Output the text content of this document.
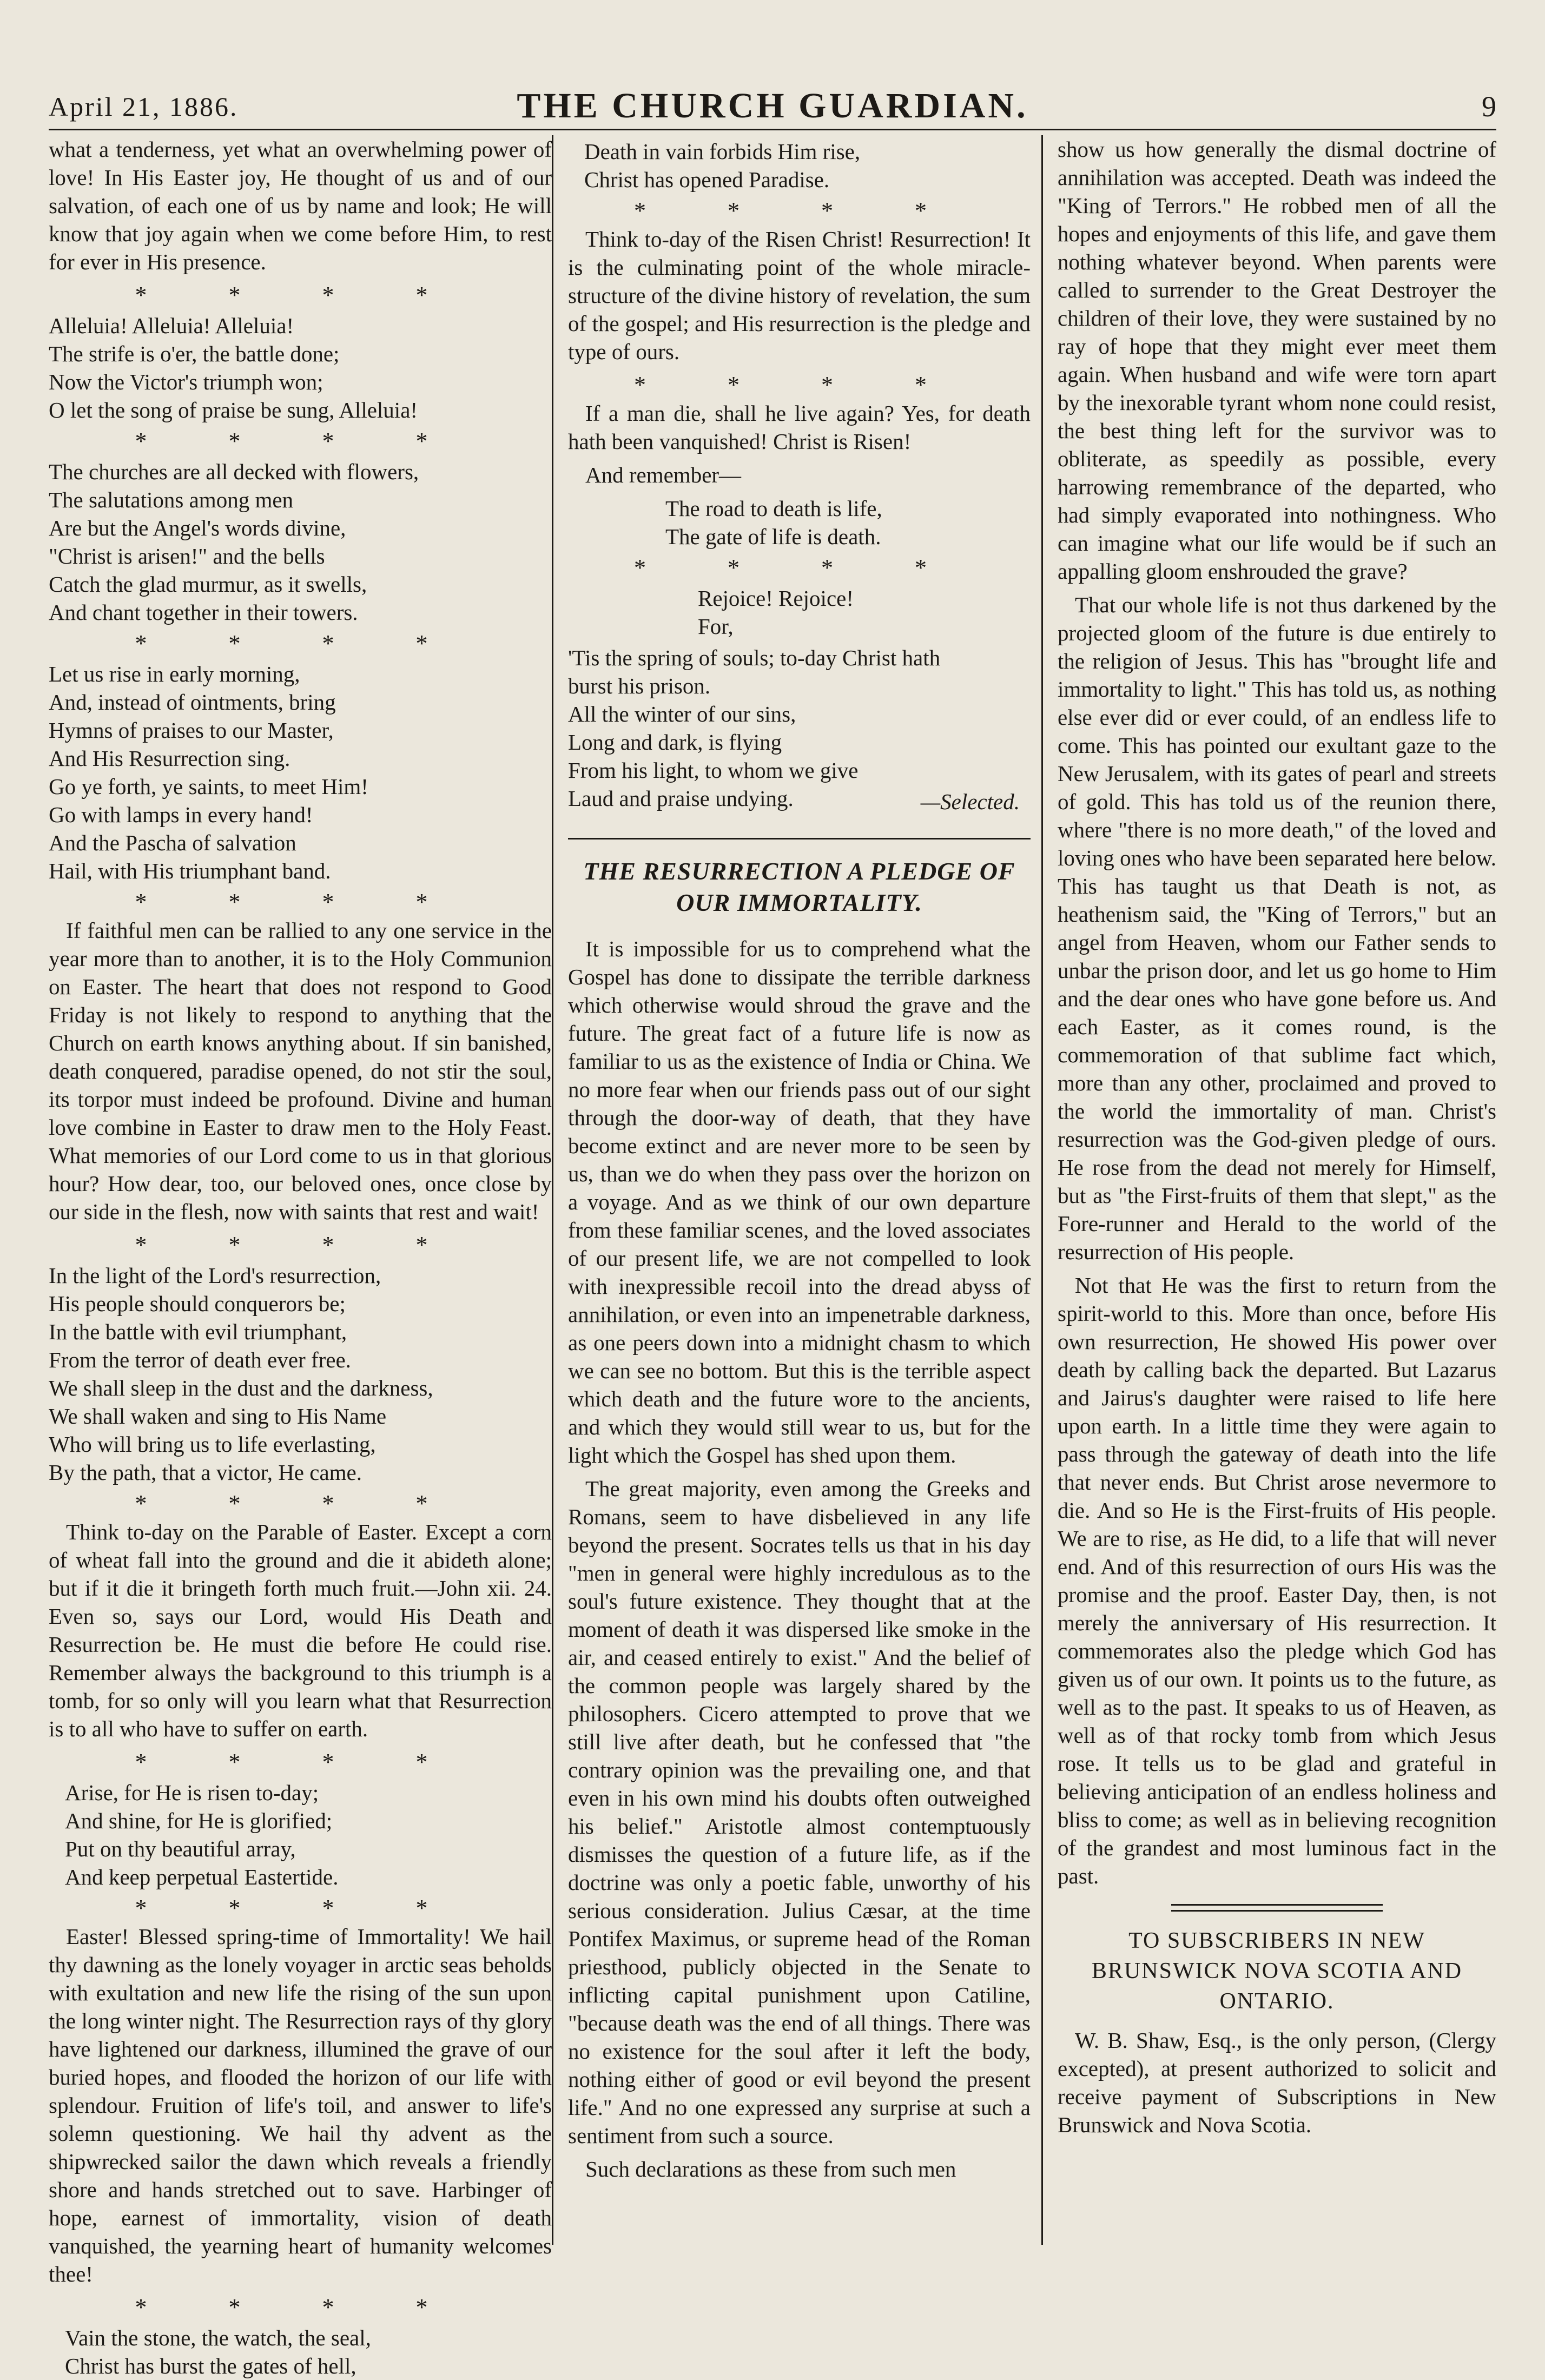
April 21, 1886.	THE CHURCH GUARDIAN.	9

what a tenderness, yet what an overwhelming power of love! In His Easter joy, He thought of us and of our salvation, of each one of us by name and look; He will know that joy again when we come before Him, to rest for ever in His presence.

* * * *

Alleluia! Alleluia! Alleluia!
The strife is o'er, the battle done;
Now the Victor's triumph won;
O let the song of praise be sung, Alleluia!

* * * *

The churches are all decked with flowers,
The salutations among men
Are but the Angel's words divine,
"Christ is arisen!" and the bells
Catch the glad murmur, as it swells,
And chant together in their towers.

* * * *

Let us rise in early morning,
And, instead of ointments, bring
Hymns of praises to our Master,
And His Resurrection sing.
Go ye forth, ye saints, to meet Him!
Go with lamps in every hand!
And the Pascha of salvation
Hail, with His triumphant band.

* * * *

If faithful men can be rallied to any one service in the year more than to another, it is to the Holy Communion on Easter. The heart that does not respond to Good Friday is not likely to respond to anything that the Church on earth knows anything about. If sin banished, death conquered, paradise opened, do not stir the soul, its torpor must indeed be profound. Divine and human love combine in Easter to draw men to the Holy Feast. What memories of our Lord come to us in that glorious hour? How dear, too, our beloved ones, once close by our side in the flesh, now with saints that rest and wait!

* * * *

In the light of the Lord's resurrection,
His people should conquerors be;
In the battle with evil triumphant,
From the terror of death ever free.
We shall sleep in the dust and the darkness,
We shall waken and sing to His Name
Who will bring us to life everlasting,
By the path, that a victor, He came.

* * * *

Think to-day on the Parable of Easter. Except a corn of wheat fall into the ground and die it abideth alone; but if it die it bringeth forth much fruit.—John xii. 24. Even so, says our Lord, would His Death and Resurrection be. He must die before He could rise. Remember always the background to this triumph is a tomb, for so only will you learn what that Resurrection is to all who have to suffer on earth.

* * * *

Arise, for He is risen to-day;
And shine, for He is glorified;
Put on thy beautiful array,
And keep perpetual Eastertide.

* * * *

Easter! Blessed spring-time of Immortality! We hail thy dawning as the lonely voyager in arctic seas beholds with exultation and new life the rising of the sun upon the long winter night. The Resurrection rays of thy glory have lightened our darkness, illumined the grave of our buried hopes, and flooded the horizon of our life with splendour. Fruition of life's toil, and answer to life's solemn questioning. We hail thy advent as the shipwrecked sailor the dawn which reveals a friendly shore and hands stretched out to save. Harbinger of hope, earnest of immortality, vision of death vanquished, the yearning heart of humanity welcomes thee!

* * * *

Vain the stone, the watch, the seal,
Christ has burst the gates of hell,

Death in vain forbids Him rise,
Christ has opened Paradise.

* * * *

Think to-day of the Risen Christ! Resurrection! It is the culminating point of the whole miracle-structure of the divine history of revelation, the sum of the gospel; and His resurrection is the pledge and type of ours.

* * * *

If a man die, shall he live again? Yes, for death hath been vanquished! Christ is Risen!

And remember—

The road to death is life,
The gate of life is death.

* * * *

Rejoice! Rejoice!
For,

'Tis the spring of souls; to-day Christ hath
burst his prison.
All the winter of our sins,
Long and dark, is flying
From his light, to whom we give
Laud and praise undying.	—Selected.

THE RESURRECTION A PLEDGE OF OUR IMMORTALITY.

It is impossible for us to comprehend what the Gospel has done to dissipate the terrible darkness which otherwise would shroud the grave and the future. The great fact of a future life is now as familiar to us as the existence of India or China. We no more fear when our friends pass out of our sight through the door-way of death, that they have become extinct and are never more to be seen by us, than we do when they pass over the horizon on a voyage. And as we think of our own departure from these familiar scenes, and the loved associates of our present life, we are not compelled to look with inexpressible recoil into the dread abyss of annihilation, or even into an impenetrable darkness, as one peers down into a midnight chasm to which we can see no bottom. But this is the terrible aspect which death and the future wore to the ancients, and which they would still wear to us, but for the light which the Gospel has shed upon them.

The great majority, even among the Greeks and Romans, seem to have disbelieved in any life beyond the present. Socrates tells us that in his day "men in general were highly incredulous as to the soul's future existence. They thought that at the moment of death it was dispersed like smoke in the air, and ceased entirely to exist." And the belief of the common people was largely shared by the philosophers. Cicero attempted to prove that we still live after death, but he confessed that "the contrary opinion was the prevailing one, and that even in his own mind his doubts often outweighed his belief." Aristotle almost contemptuously dismisses the question of a future life, as if the doctrine was only a poetic fable, unworthy of his serious consideration. Julius Cæsar, at the time Pontifex Maximus, or supreme head of the Roman priesthood, publicly objected in the Senate to inflicting capital punishment upon Catiline, "because death was the end of all things. There was no existence for the soul after it left the body, nothing either of good or evil beyond the present life." And no one expressed any surprise at such a sentiment from such a source.

Such declarations as these from such men

show us how generally the dismal doctrine of annihilation was accepted. Death was indeed the "King of Terrors." He robbed men of all the hopes and enjoyments of this life, and gave them nothing whatever beyond. When parents were called to surrender to the Great Destroyer the children of their love, they were sustained by no ray of hope that they might ever meet them again. When husband and wife were torn apart by the inexorable tyrant whom none could resist, the best thing left for the survivor was to obliterate, as speedily as possible, every harrowing remembrance of the departed, who had simply evaporated into nothingness. Who can imagine what our life would be if such an appalling gloom enshrouded the grave?

That our whole life is not thus darkened by the projected gloom of the future is due entirely to the religion of Jesus. This has "brought life and immortality to light." This has told us, as nothing else ever did or ever could, of an endless life to come. This has pointed our exultant gaze to the New Jerusalem, with its gates of pearl and streets of gold. This has told us of the reunion there, where "there is no more death," of the loved and loving ones who have been separated here below. This has taught us that Death is not, as heathenism said, the "King of Terrors," but an angel from Heaven, whom our Father sends to unbar the prison door, and let us go home to Him and the dear ones who have gone before us. And each Easter, as it comes round, is the commemoration of that sublime fact which, more than any other, proclaimed and proved to the world the immortality of man. Christ's resurrection was the God-given pledge of ours. He rose from the dead not merely for Himself, but as "the First-fruits of them that slept," as the Fore-runner and Herald to the world of the resurrection of His people.

Not that He was the first to return from the spirit-world to this. More than once, before His own resurrection, He showed His power over death by calling back the departed. But Lazarus and Jairus's daughter were raised to life here upon earth. In a little time they were again to pass through the gateway of death into the life that never ends. But Christ arose nevermore to die. And so He is the First-fruits of His people. We are to rise, as He did, to a life that will never end. And of this resurrection of ours His was the promise and the proof. Easter Day, then, is not merely the anniversary of His resurrection. It commemorates also the pledge which God has given us of our own. It points us to the future, as well as to the past. It speaks to us of Heaven, as well as of that rocky tomb from which Jesus rose. It tells us to be glad and grateful in believing anticipation of an endless holiness and bliss to come; as well as in believing recognition of the grandest and most luminous fact in the past.

TO SUBSCRIBERS IN NEW BRUNSWICK NOVA SCOTIA AND ONTARIO.

W. B. Shaw, Esq., is the only person, (Clergy excepted), at present authorized to solicit and receive payment of Subscriptions in New Brunswick and Nova Scotia.
